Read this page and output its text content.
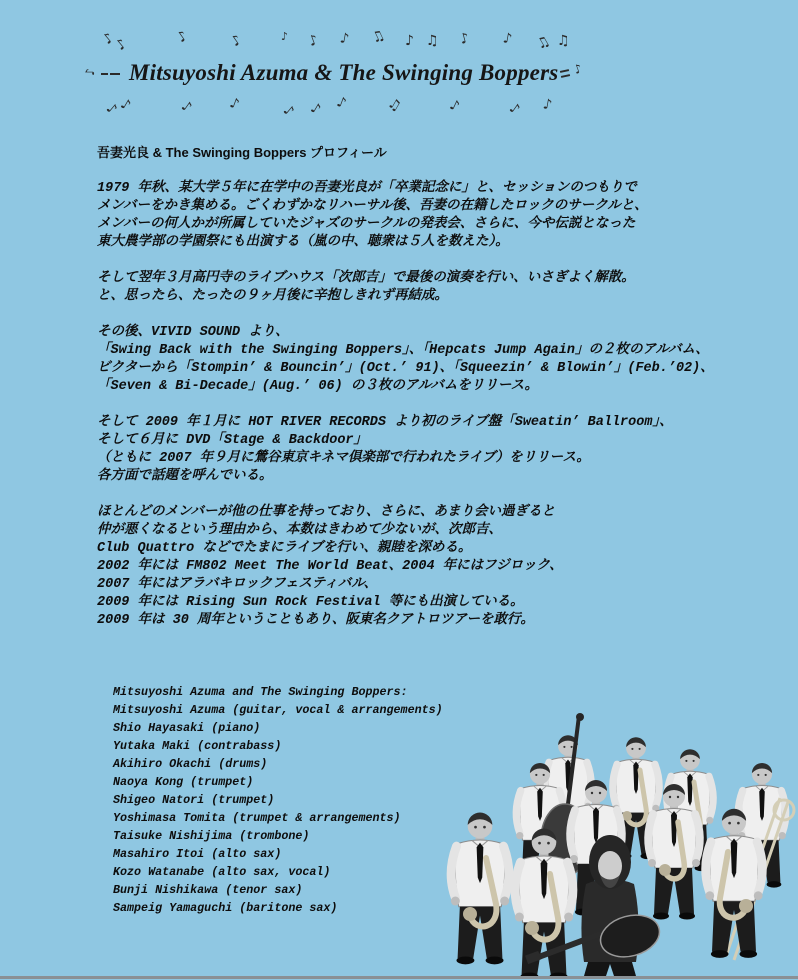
♪
♪
♪
♪
♪
♪
♪
♫
♪
♫
♪
♪
♫
♫
♪
♪
Mitsuyoshi Azuma & The Swinging Boppers
♪
♪
♪
♪
♪
♪
♪
♫
♪
♪
♪
吾妻光良 & The Swinging Boppers プロフィール
1979 年秋、某大学５年に在学中の吾妻光良が「卒業記念に」と、セッションのつもりで
メンバーをかき集める。ごくわずかなリハーサル後、吾妻の在籍したロックのサークルと、
メンバーの何人かが所属していたジャズのサークルの発表会、さらに、今や伝説となった
東大農学部の学園祭にも出演する（嵐の中、聴衆は５人を数えた）。
そして翌年３月高円寺のライブハウス「次郎吉」で最後の演奏を行い、いさぎよく解散。
と、思ったら、たったの９ヶ月後に辛抱しきれず再結成。
その後、VIVID SOUND より、
「Swing Back with the Swinging Boppers」、「Hepcats Jump Again」の２枚のアルバム、
ビクターから「Stompin’ & Bouncin’」(Oct.’ 91)、「Squeezin’ & Blowin’」(Feb.’02)、
「Seven & Bi-Decade」(Aug.’ 06) の３枚のアルバムをリリース。
そして 2009 年１月に HOT RIVER RECORDS より初のライブ盤「Sweatin’ Ballroom」、
そして６月に DVD「Stage & Backdoor」
（ともに 2007 年９月に鶯谷東京キネマ倶楽部で行われたライブ）をリリース。
各方面で話題を呼んでいる。
ほとんどのメンバーが他の仕事を持っており、さらに、あまり会い過ぎると
仲が悪くなるという理由から、本数はきわめて少ないが、次郎吉、
Club Quattro などでたまにライブを行い、親睦を深める。
2002 年には FM802 Meet The World Beat、2004 年にはフジロック、
2007 年にはアラバキロックフェスティバル、
2009 年には Rising Sun Rock Festival 等にも出演している。
2009 年は 30 周年ということもあり、阪東名クアトロツアーを敢行。
Mitsuyoshi Azuma and The Swinging Boppers:
Mitsuyoshi Azuma (guitar, vocal & arrangements)
Shio Hayasaki (piano)
Yutaka Maki (contrabass)
Akihiro Okachi (drums)
Naoya Kong (trumpet)
Shigeo Natori (trumpet)
Yoshimasa Tomita (trumpet & arrangements)
Taisuke Nishijima (trombone)
Masahiro Itoi (alto sax)
Kozo Watanabe (alto sax, vocal)
Bunji Nishikawa (tenor sax)
Sampeig Yamaguchi (baritone sax)
